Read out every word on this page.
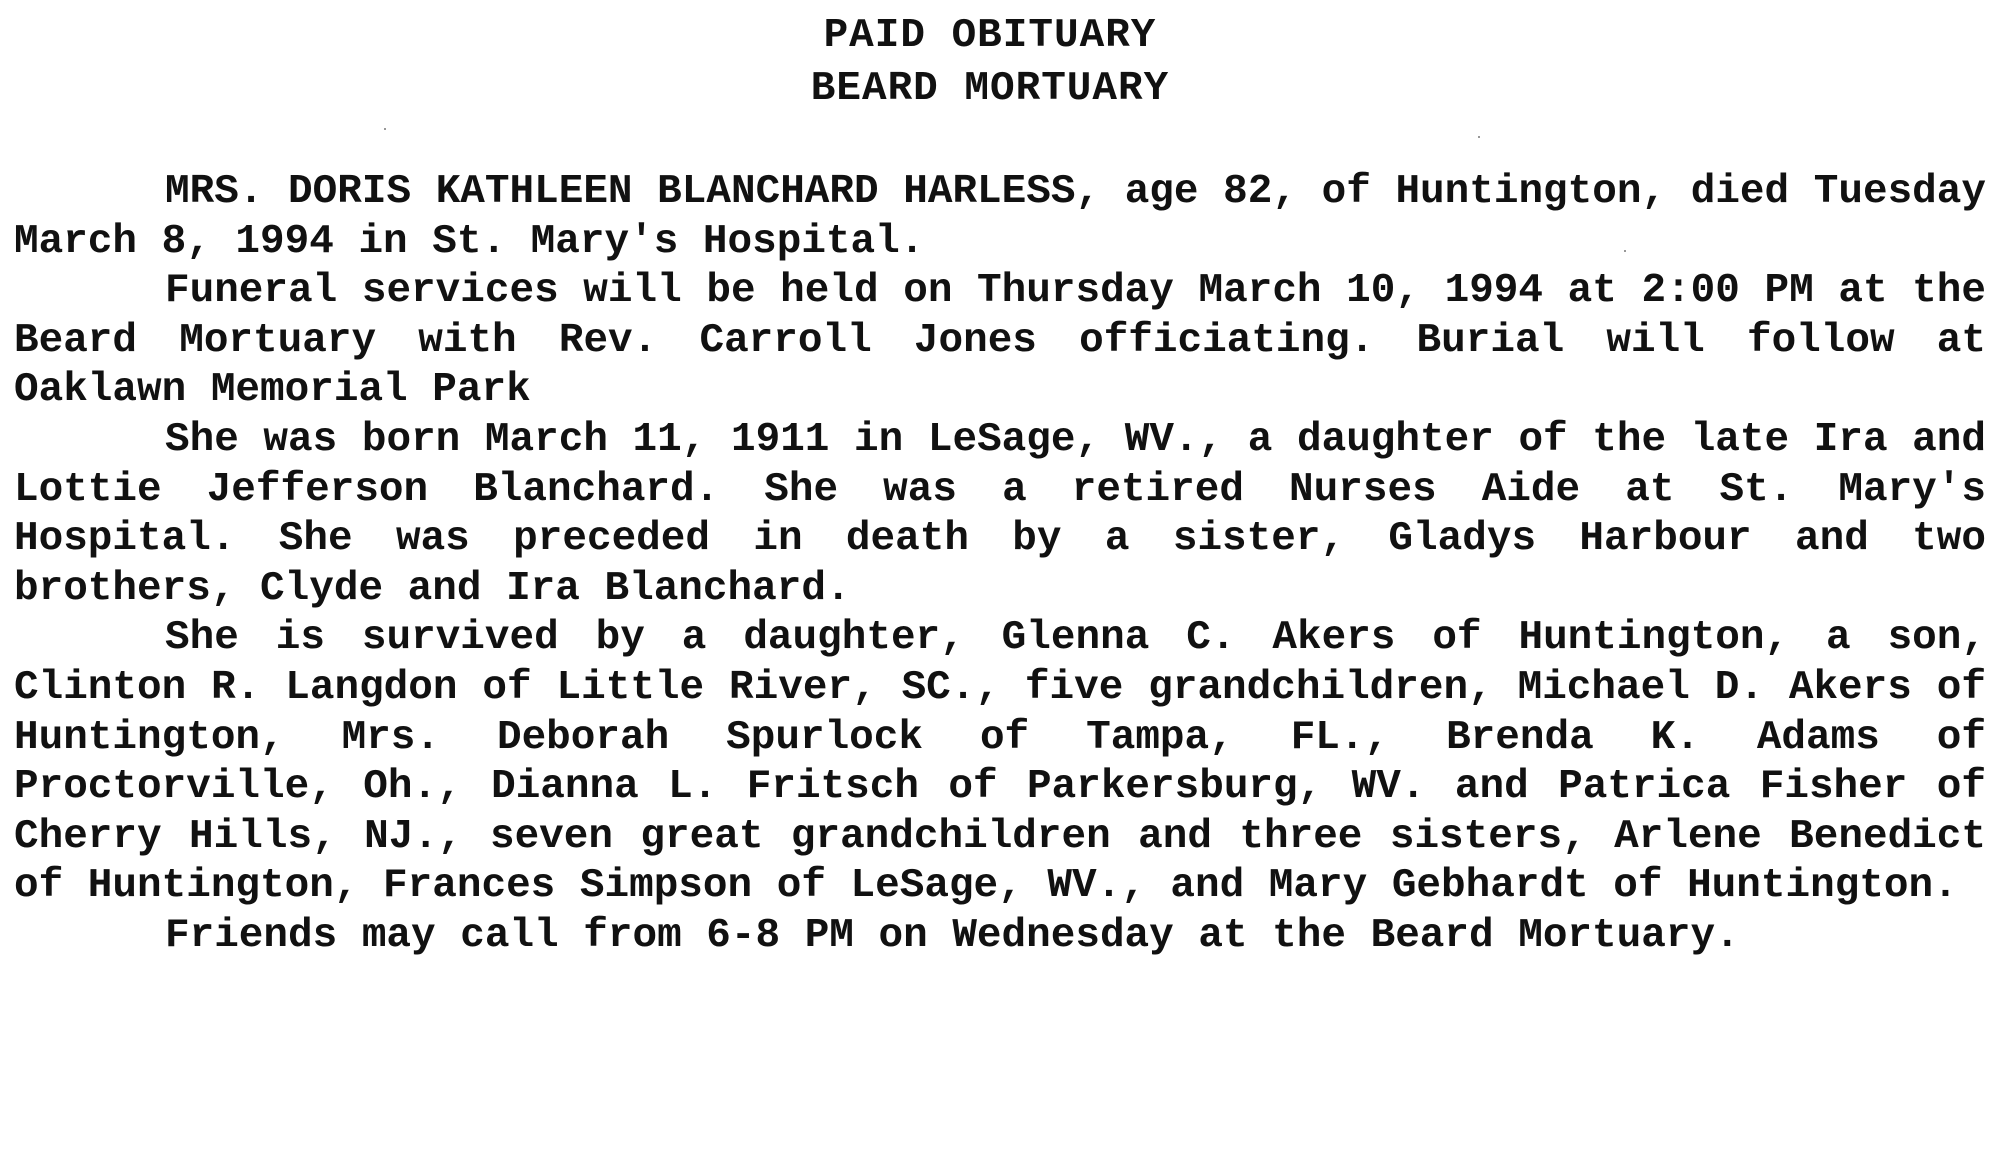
PAID OBITUARY
BEARD MORTUARY

MRS. DORIS KATHLEEN BLANCHARD HARLESS, age 82, of Huntington, died Tuesday March 8, 1994 in St. Mary's Hospital.

Funeral services will be held on Thursday March 10, 1994 at 2:00 PM at the Beard Mortuary with Rev. Carroll Jones officiating. Burial will follow at Oaklawn Memorial Park

She was born March 11, 1911 in LeSage, WV., a daughter of the late Ira and Lottie Jefferson Blanchard. She was a retired Nurses Aide at St. Mary's Hospital. She was preceded in death by a sister, Gladys Harbour and two brothers, Clyde and Ira Blanchard.

She is survived by a daughter, Glenna C. Akers of Huntington, a son, Clinton R. Langdon of Little River, SC., five grandchildren, Michael D. Akers of Huntington, Mrs. Deborah Spurlock of Tampa, FL., Brenda K. Adams of Proctorville, Oh., Dianna L. Fritsch of Parkersburg, WV. and Patrica Fisher of Cherry Hills, NJ., seven great grandchildren and three sisters, Arlene Benedict of Huntington, Frances Simpson of LeSage, WV., and Mary Gebhardt of Huntington.

Friends may call from 6-8 PM on Wednesday at the Beard Mortuary.
